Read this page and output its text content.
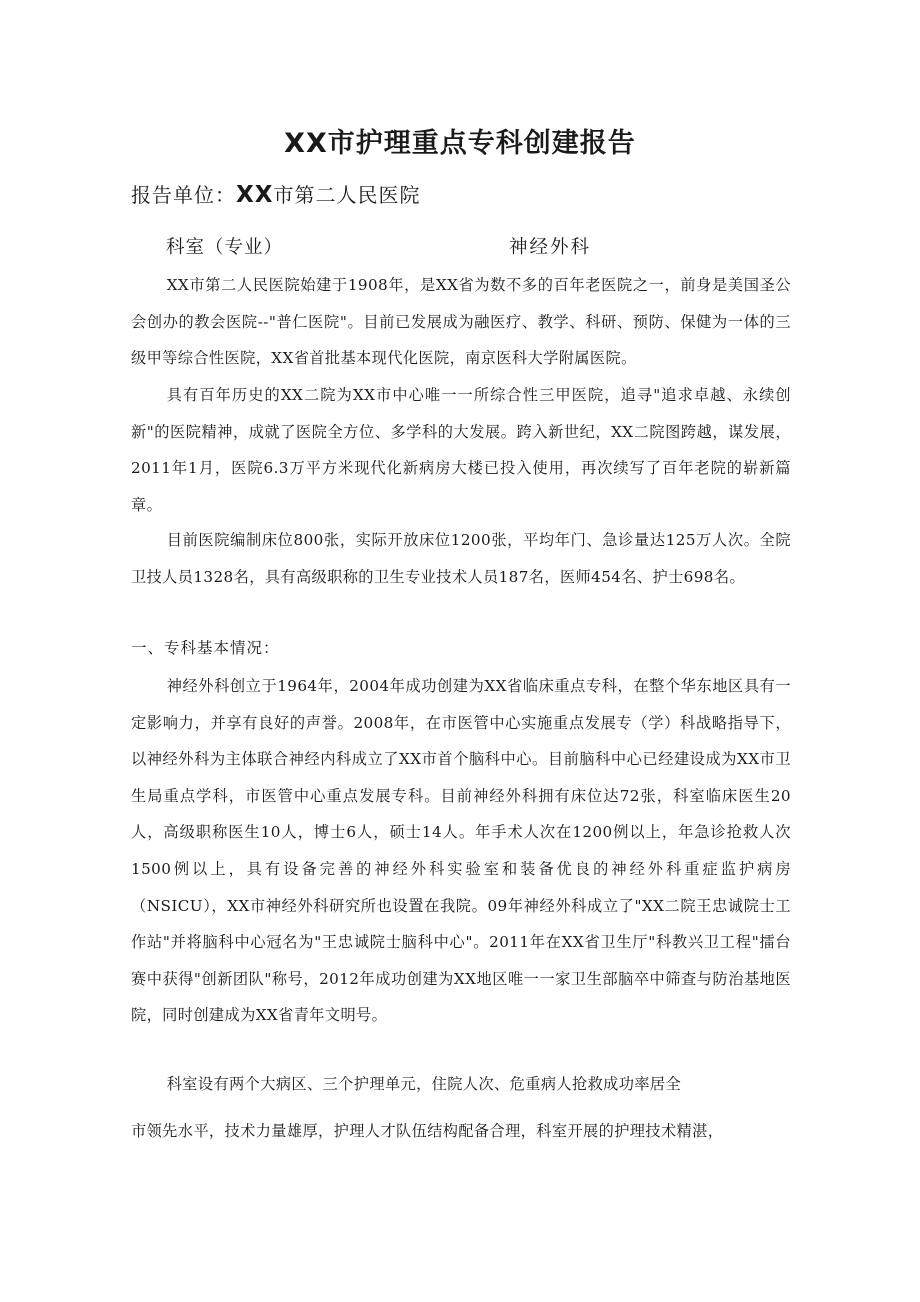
XX市护理重点专科创建报告
报告单位：XX市第二人民医院
科室（专业）	神经外科

XX市第二人民医院始建于1908年，是XX省为数不多的百年老医院之一，前身是美国圣公会创办的教会医院--"普仁医院"。目前已发展成为融医疗、教学、科研、预防、保健为一体的三级甲等综合性医院，XX省首批基本现代化医院，南京医科大学附属医院。

具有百年历史的XX二院为XX市中心唯一一所综合性三甲医院，追寻"追求卓越、永续创新"的医院精神，成就了医院全方位、多学科的大发展。跨入新世纪，XX二院图跨越，谋发展，2011年1月，医院6.3万平方米现代化新病房大楼已投入使用，再次续写了百年老院的崭新篇章。

目前医院编制床位800张，实际开放床位1200张，平均年门、急诊量达125万人次。全院卫技人员1328名，具有高级职称的卫生专业技术人员187名，医师454名、护士698名。

一、专科基本情况：

神经外科创立于1964年，2004年成功创建为XX省临床重点专科，在整个华东地区具有一定影响力，并享有良好的声誉。2008年，在市医管中心实施重点发展专（学）科战略指导下，以神经外科为主体联合神经内科成立了XX市首个脑科中心。目前脑科中心已经建设成为XX市卫生局重点学科，市医管中心重点发展专科。目前神经外科拥有床位达72张，科室临床医生20人，高级职称医生10人，博士6人，硕士14人。年手术人次在1200例以上，年急诊抢救人次1500例以上，具有设备完善的神经外科实验室和装备优良的神经外科重症监护病房（NSICU），XX市神经外科研究所也设置在我院。09年神经外科成立了"XX二院王忠诚院士工作站"并将脑科中心冠名为"王忠诚院士脑科中心"。2011年在XX省卫生厅"科教兴卫工程"擂台赛中获得"创新团队"称号，2012年成功创建为XX地区唯一一家卫生部脑卒中筛查与防治基地医院，同时创建成为XX省青年文明号。

科室设有两个大病区、三个护理单元，住院人次、危重病人抢救成功率居全
市领先水平，技术力量雄厚，护理人才队伍结构配备合理，科室开展的护理技术精湛，
